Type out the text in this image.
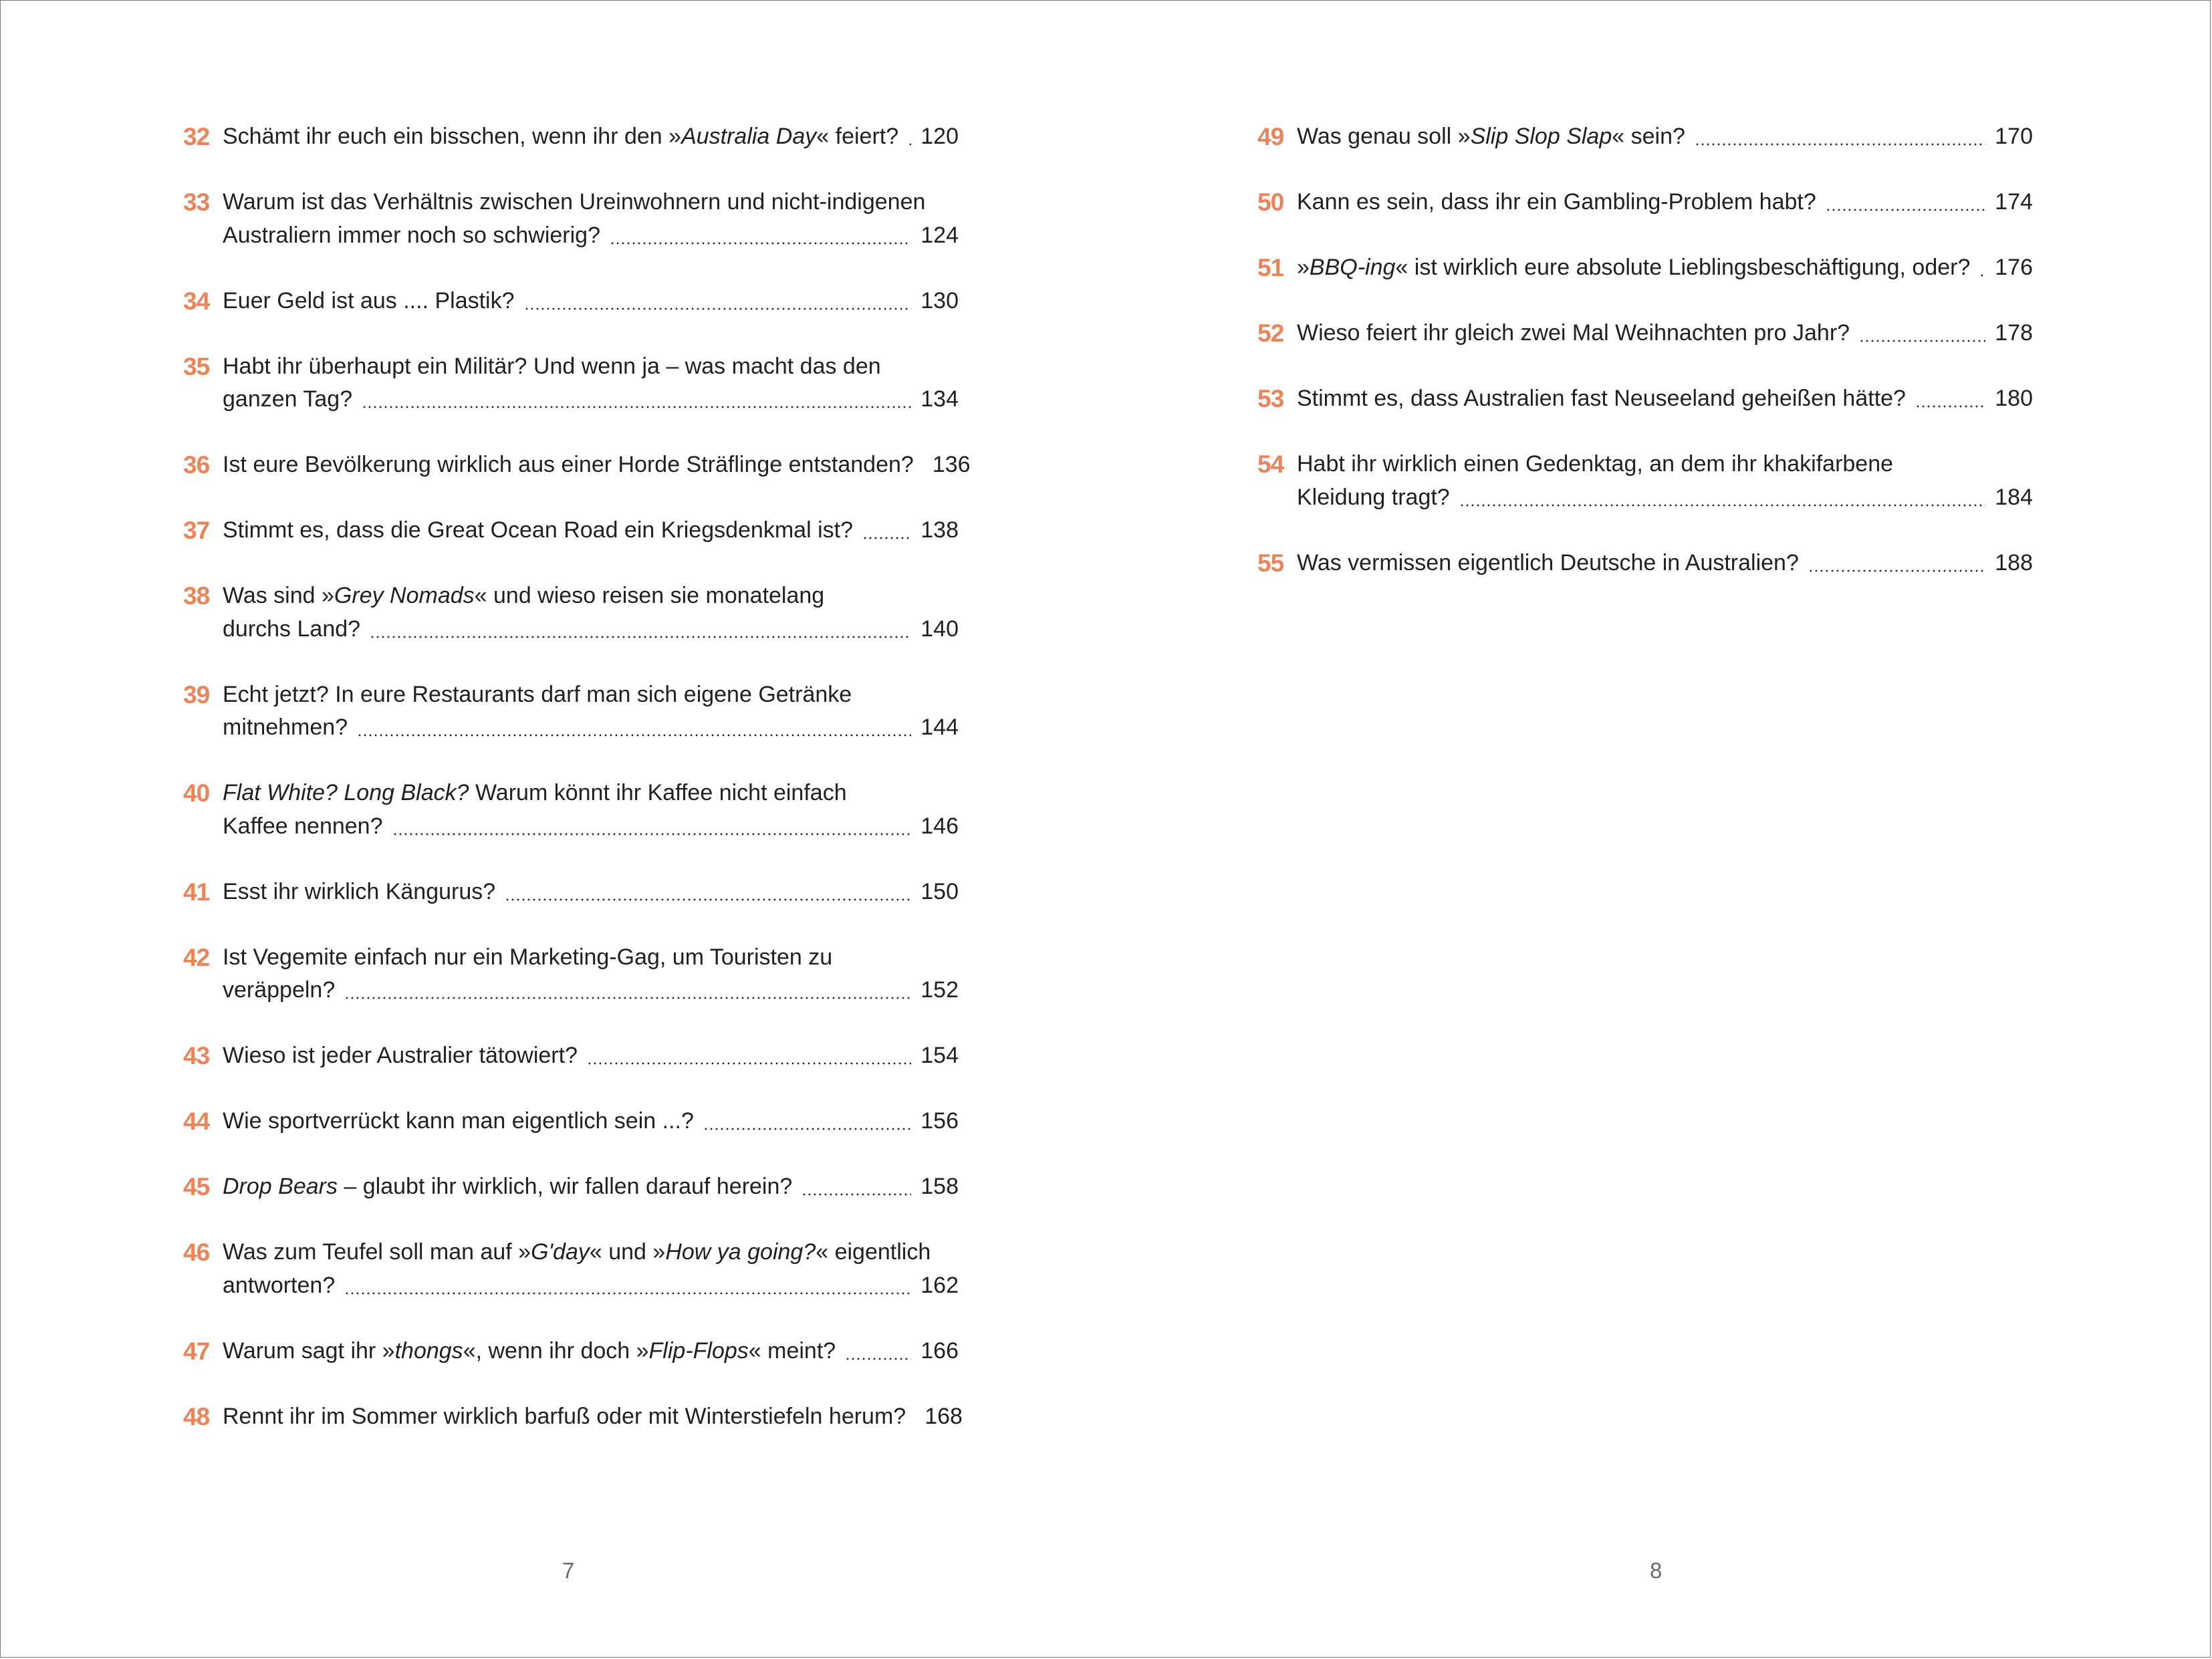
32 Schämt ihr euch ein bisschen, wenn ihr den »Australia Day« feiert? 120
33 Warum ist das Verhältnis zwischen Ureinwohnern und nicht-indigenen
Australiern immer noch so schwierig?	124
34 Euer Geld ist aus .... Plastik?	130
35 Habt ihr überhaupt ein Militär? Und wenn ja – was macht das den
ganzen Tag?	134
36 Ist eure Bevölkerung wirklich aus einer Horde Sträflinge entstanden? 136
37 Stimmt es, dass die Great Ocean Road ein Kriegsdenkmal ist?	138
38 Was sind »Grey Nomads« und wieso reisen sie monatelang
durchs Land?	140
39 Echt jetzt? In eure Restaurants darf man sich eigene Getränke
mitnehmen?	144
40 Flat White? Long Black? Warum könnt ihr Kaffee nicht einfach
Kaffee nennen?	146
41 Esst ihr wirklich Kängurus?	150
42 Ist Vegemite einfach nur ein Marketing-Gag, um Touristen zu
veräppeln?	152
43 Wieso ist jeder Australier tätowiert?	154
44 Wie sportverrückt kann man eigentlich sein ...?	156
45 Drop Bears – glaubt ihr wirklich, wir fallen darauf herein?	158
46 Was zum Teufel soll man auf »G'day« und »How ya going?« eigentlich
antworten?	162
47 Warum sagt ihr »thongs«, wenn ihr doch »Flip-Flops« meint?	166
48 Rennt ihr im Sommer wirklich barfuß oder mit Winterstiefeln herum? 168
7
49 Was genau soll »Slip Slop Slap« sein?	170
50 Kann es sein, dass ihr ein Gambling-Problem habt?	174
51 »BBQ-ing« ist wirklich eure absolute Lieblingsbeschäftigung, oder? 176
52 Wieso feiert ihr gleich zwei Mal Weihnachten pro Jahr?	178
53 Stimmt es, dass Australien fast Neuseeland geheißen hätte?	180
54 Habt ihr wirklich einen Gedenktag, an dem ihr khakifarbene
Kleidung tragt?	184
55 Was vermissen eigentlich Deutsche in Australien?	188
8
